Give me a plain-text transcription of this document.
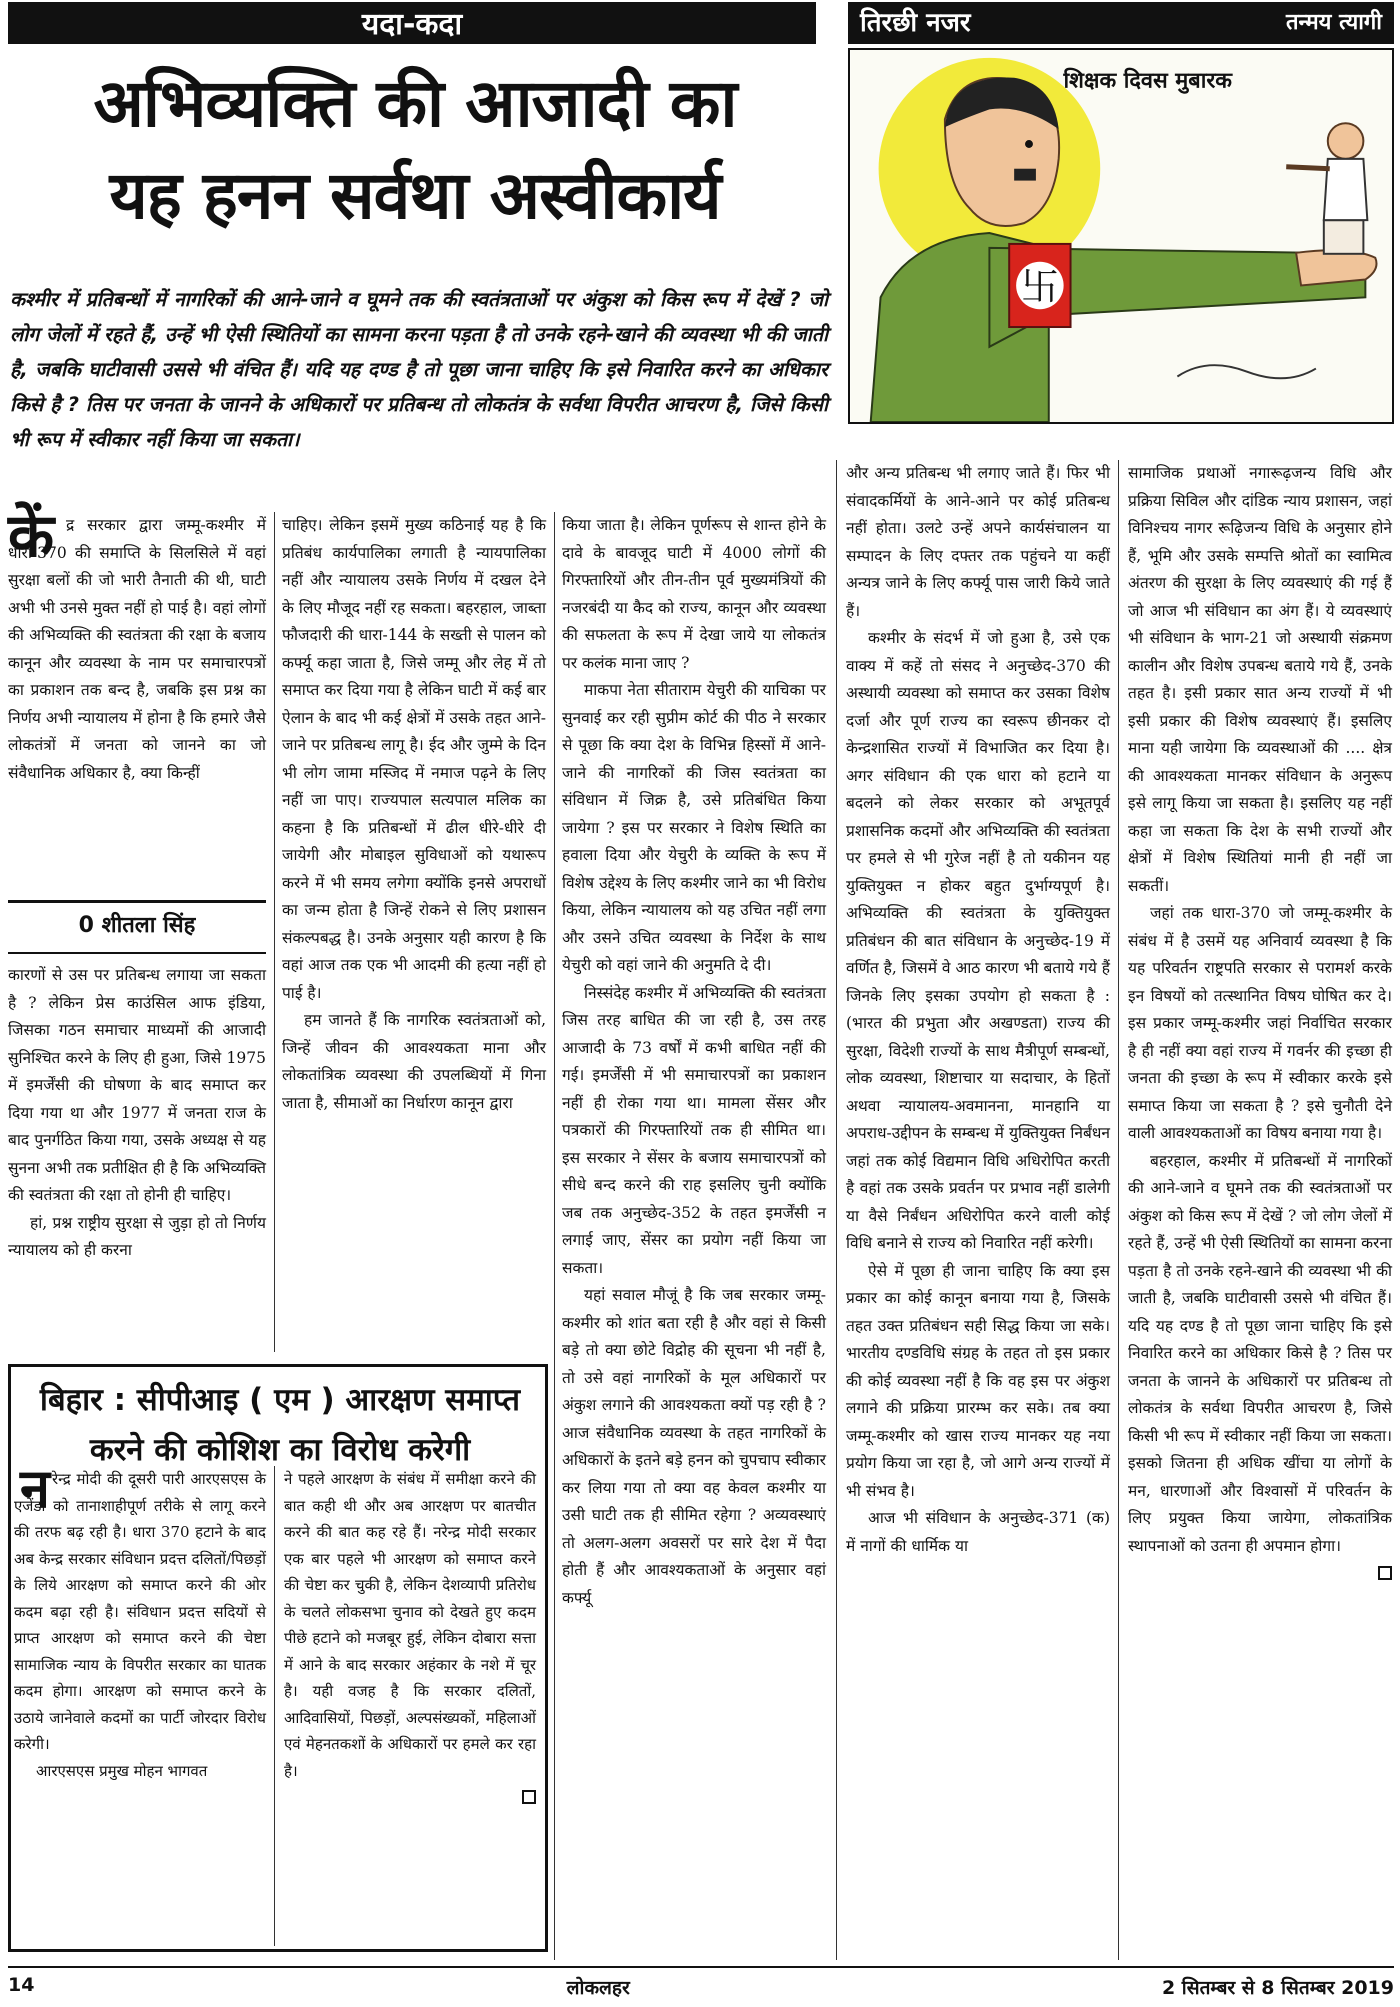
यदा-कदा	तिरछी नजर	तन्मय त्यागी
अभिव्यक्ति की आजादी का
यह हनन सर्वथा अस्वीकार्य
कश्मीर में प्रतिबन्धों में नागरिकों की आने-जाने व घूमने तक की स्वतंत्रताओं पर अंकुश को किस रूप में देखें ? जो लोग जेलों में रहते हैं, उन्हें भी ऐसी स्थितियों का सामना करना पड़ता है तो उनके रहने-खाने की व्यवस्था भी की जाती है, जबकि घाटीवासी उससे भी वंचित हैं। यदि यह दण्ड है तो पूछा जाना चाहिए कि इसे निवारित करने का अधिकार किसे है ? तिस पर जनता के जानने के अधिकारों पर प्रतिबन्ध तो लोकतंत्र के सर्वथा विपरीत आचरण है, जिसे किसी भी रूप में स्वीकार नहीं किया जा सकता।
卐
शिक्षक दिवस मुबारक
कें द्र सरकार द्वारा जम्मू-कश्मीर में धारा-370 की समाप्ति के सिलसिले में वहां सुरक्षा बलों की जो भारी तैनाती की थी, घाटी अभी भी उनसे मुक्त नहीं हो पाई है। वहां लोगों की अभिव्यक्ति की स्वतंत्रता की रक्षा के बजाय कानून और व्यवस्था के नाम पर समाचारपत्रों का प्रकाशन तक बन्द है, जबकि इस प्रश्न का निर्णय अभी न्यायालय में होना है कि हमारे जैसे लोकतंत्रों में जनता को जानने का जो संवैधानिक अधिकार है, क्या किन्हीं

0 शीतला सिंह

कारणों से उस पर प्रतिबन्ध लगाया जा सकता है ? लेकिन प्रेस काउंसिल आफ इंडिया, जिसका गठन समाचार माध्यमों की आजादी सुनिश्चित करने के लिए ही हुआ, जिसे 1975 में इमर्जेंसी की घोषणा के बाद समाप्त कर दिया गया था और 1977 में जनता राज के बाद पुनर्गठित किया गया, उसके अध्यक्ष से यह सुनना अभी तक प्रतीक्षित ही है कि अभिव्यक्ति की स्वतंत्रता की रक्षा तो होनी ही चाहिए।

हां, प्रश्न राष्ट्रीय सुरक्षा से जुड़ा हो तो निर्णय न्यायालय को ही करना

चाहिए। लेकिन इसमें मुख्य कठिनाई यह है कि प्रतिबंध कार्यपालिका लगाती है न्यायपालिका नहीं और न्यायालय उसके निर्णय में दखल देने के लिए मौजूद नहीं रह सकता। बहरहाल, जाब्ता फौजदारी की धारा-144 के सख्ती से पालन को कर्फ्यू कहा जाता है, जिसे जम्मू और लेह में तो समाप्त कर दिया गया है लेकिन घाटी में कई बार ऐलान के बाद भी कई क्षेत्रों में उसके तहत आने-जाने पर प्रतिबन्ध लागू है। ईद और जुम्मे के दिन भी लोग जामा मस्जिद में नमाज पढ़ने के लिए नहीं जा पाए। राज्यपाल सत्यपाल मलिक का कहना है कि प्रतिबन्धों में ढील धीरे-धीरे दी जायेगी और मोबाइल सुविधाओं को यथारूप करने में भी समय लगेगा क्योंकि इनसे अपराधों का जन्म होता है जिन्हें रोकने से लिए प्रशासन संकल्पबद्ध है। उनके अनुसार यही कारण है कि वहां आज तक एक भी आदमी की हत्या नहीं हो पाई है।

हम जानते हैं कि नागरिक स्वतंत्रताओं को, जिन्हें जीवन की आवश्यकता माना और लोकतांत्रिक व्यवस्था की उपलब्धियों में गिना जाता है, सीमाओं का निर्धारण कानून द्वारा

किया जाता है। लेकिन पूर्णरूप से शान्त होने के दावे के बावजूद घाटी में 4000 लोगों की गिरफ्तारियों और तीन-तीन पूर्व मुख्यमंत्रियों की नजरबंदी या कैद को राज्य, कानून और व्यवस्था की सफलता के रूप में देखा जाये या लोकतंत्र पर कलंक माना जाए ?

माकपा नेता सीताराम येचुरी की याचिका पर सुनवाई कर रही सुप्रीम कोर्ट की पीठ ने सरकार से पूछा कि क्या देश के विभिन्न हिस्सों में आने-जाने की नागरिकों की जिस स्वतंत्रता का संविधान में जिक्र है, उसे प्रतिबंधित किया जायेगा ? इस पर सरकार ने विशेष स्थिति का हवाला दिया और येचुरी के व्यक्ति के रूप में विशेष उद्देश्य के लिए कश्मीर जाने का भी विरोध किया, लेकिन न्यायालय को यह उचित नहीं लगा और उसने उचित व्यवस्था के निर्देश के साथ येचुरी को वहां जाने की अनुमति दे दी।

निस्संदेह कश्मीर में अभिव्यक्ति की स्वतंत्रता जिस तरह बाधित की जा रही है, उस तरह आजादी के 73 वर्षों में कभी बाधित नहीं की गई। इमर्जेंसी में भी समाचारपत्रों का प्रकाशन नहीं ही रोका गया था। मामला सेंसर और पत्रकारों की गिरफ्तारियों तक ही सीमित था। इस सरकार ने सेंसर के बजाय समाचारपत्रों को सीधे बन्द करने की राह इसलिए चुनी क्योंकि जब तक अनुच्छेद-352 के तहत इमर्जेंसी न लगाई जाए, सेंसर का प्रयोग नहीं किया जा सकता।

यहां सवाल मौजूं है कि जब सरकार जम्मू-कश्मीर को शांत बता रही है और वहां से किसी बड़े तो क्या छोटे विद्रोह की सूचना भी नहीं है, तो उसे वहां नागरिकों के मूल अधिकारों पर अंकुश लगाने की आवश्यकता क्यों पड़ रही है ? आज संवैधानिक व्यवस्था के तहत नागरिकों के अधिकारों के इतने बड़े हनन को चुपचाप स्वीकार कर लिया गया तो क्या वह केवल कश्मीर या उसी घाटी तक ही सीमित रहेगा ? अव्यवस्थाएं तो अलग-अलग अवसरों पर सारे देश में पैदा होती हैं और आवश्यकताओं के अनुसार वहां कर्फ्यू

और अन्य प्रतिबन्ध भी लगाए जाते हैं। फिर भी संवादकर्मियों के आने-आने पर कोई प्रतिबन्ध नहीं होता। उलटे उन्हें अपने कार्यसंचालन या सम्पादन के लिए दफ्तर तक पहुंचने या कहीं अन्यत्र जाने के लिए कर्फ्यू पास जारी किये जाते हैं।

कश्मीर के संदर्भ में जो हुआ है, उसे एक वाक्य में कहें तो संसद ने अनुच्छेद-370 की अस्थायी व्यवस्था को समाप्त कर उसका विशेष दर्जा और पूर्ण राज्य का स्वरूप छीनकर दो केन्द्रशासित राज्यों में विभाजित कर दिया है। अगर संविधान की एक धारा को हटाने या बदलने को लेकर सरकार को अभूतपूर्व प्रशासनिक कदमों और अभिव्यक्ति की स्वतंत्रता पर हमले से भी गुरेज नहीं है तो यकीनन यह युक्तियुक्त न होकर बहुत दुर्भाग्यपूर्ण है। अभिव्यक्ति की स्वतंत्रता के युक्तियुक्त प्रतिबंधन की बात संविधान के अनुच्छेद-19 में वर्णित है, जिसमें वे आठ कारण भी बताये गये हैं जिनके लिए इसका उपयोग हो सकता है : (भारत की प्रभुता और अखण्डता) राज्य की सुरक्षा, विदेशी राज्यों के साथ मैत्रीपूर्ण सम्बन्धों, लोक व्यवस्था, शिष्टाचार या सदाचार, के हितों अथवा न्यायालय-अवमानना, मानहानि या अपराध-उद्दीपन के सम्बन्ध में युक्तियुक्त निर्बंधन जहां तक कोई विद्यमान विधि अधिरोपित करती है वहां तक उसके प्रवर्तन पर प्रभाव नहीं डालेगी या वैसे निर्बंधन अधिरोपित करने वाली कोई विधि बनाने से राज्य को निवारित नहीं करेगी।

ऐसे में पूछा ही जाना चाहिए कि क्या इस प्रकार का कोई कानून बनाया गया है, जिसके तहत उक्त प्रतिबंधन सही सिद्ध किया जा सके। भारतीय दण्डविधि संग्रह के तहत तो इस प्रकार की कोई व्यवस्था नहीं है कि वह इस पर अंकुश लगाने की प्रक्रिया प्रारम्भ कर सके। तब क्या जम्मू-कश्मीर को खास राज्य मानकर यह नया प्रयोग किया जा रहा है, जो आगे अन्य राज्यों में भी संभव है।

आज भी संविधान के अनुच्छेद-371 (क) में नागों की धार्मिक या

सामाजिक प्रथाओं नगारूढ़जन्य विधि और प्रक्रिया सिविल और दांडिक न्याय प्रशासन, जहां विनिश्चय नागर रूढ़िजन्य विधि के अनुसार होने हैं, भूमि और उसके सम्पत्ति श्रोतों का स्वामित्व अंतरण की सुरक्षा के लिए व्यवस्थाएं की गई हैं जो आज भी संविधान का अंग हैं। ये व्यवस्थाएं भी संविधान के भाग-21 जो अस्थायी संक्रमण कालीन और विशेष उपबन्ध बताये गये हैं, उनके तहत है। इसी प्रकार सात अन्य राज्यों में भी इसी प्रकार की विशेष व्यवस्थाएं हैं। इसलिए माना यही जायेगा कि व्यवस्थाओं की .... क्षेत्र की आवश्यकता मानकर संविधान के अनुरूप इसे लागू किया जा सकता है। इसलिए यह नहीं कहा जा सकता कि देश के सभी राज्यों और क्षेत्रों में विशेष स्थितियां मानी ही नहीं जा सकतीं।

जहां तक धारा-370 जो जम्मू-कश्मीर के संबंध में है उसमें यह अनिवार्य व्यवस्था है कि यह परिवर्तन राष्ट्रपति सरकार से परामर्श करके इन विषयों को तत्स्थानित विषय घोषित कर दे। इस प्रकार जम्मू-कश्मीर जहां निर्वाचित सरकार है ही नहीं क्या वहां राज्य में गवर्नर की इच्छा ही जनता की इच्छा के रूप में स्वीकार करके इसे समाप्त किया जा सकता है ? इसे चुनौती देने वाली आवश्यकताओं का विषय बनाया गया है।

बहरहाल, कश्मीर में प्रतिबन्धों में नागरिकों की आने-जाने व घूमने तक की स्वतंत्रताओं पर अंकुश को किस रूप में देखें ? जो लोग जेलों में रहते हैं, उन्हें भी ऐसी स्थितियों का सामना करना पड़ता है तो उनके रहने-खाने की व्यवस्था भी की जाती है, जबकि घाटीवासी उससे भी वंचित हैं। यदि यह दण्ड है तो पूछा जाना चाहिए कि इसे निवारित करने का अधिकार किसे है ? तिस पर जनता के जानने के अधिकारों पर प्रतिबन्ध तो लोकतंत्र के सर्वथा विपरीत आचरण है, जिसे किसी भी रूप में स्वीकार नहीं किया जा सकता। इसको जितना ही अधिक खींचा या लोगों के मन, धारणाओं और विश्वासों में परिवर्तन के लिए प्रयुक्त किया जायेगा, लोकतांत्रिक स्थापनाओं को उतना ही अपमान होगा।

बिहार : सीपीआइ ( एम ) आरक्षण समाप्त
करने की कोशिश का विरोध करेगी
न रेन्द्र मोदी की दूसरी पारी आरएसएस के एजेंडा को तानाशाहीपूर्ण तरीके से लागू करने की तरफ बढ़ रही है। धारा 370 हटाने के बाद अब केन्द्र सरकार संविधान प्रदत्त दलितों/पिछड़ों के लिये आरक्षण को समाप्त करने की ओर कदम बढ़ा रही है। संविधान प्रदत्त सदियों से प्राप्त आरक्षण को समाप्त करने की चेष्टा सामाजिक न्याय के विपरीत सरकार का घातक कदम होगा। आरक्षण को समाप्त करने के उठाये जानेवाले कदमों का पार्टी जोरदार विरोध करेगी।

आरएसएस प्रमुख मोहन भागवत

ने पहले आरक्षण के संबंध में समीक्षा करने की बात कही थी और अब आरक्षण पर बातचीत करने की बात कह रहे हैं। नरेन्द्र मोदी सरकार एक बार पहले भी आरक्षण को समाप्त करने की चेष्टा कर चुकी है, लेकिन देशव्यापी प्रतिरोध के चलते लोकसभा चुनाव को देखते हुए कदम पीछे हटाने को मजबूर हुई, लेकिन दोबारा सत्ता में आने के बाद सरकार अहंकार के नशे में चूर है। यही वजह है कि सरकार दलितों, आदिवासियों, पिछड़ों, अल्पसंख्यकों, महिलाओं एवं मेहनतकशों के अधिकारों पर हमले कर रहा है।

14	लोकलहर	2 सितम्बर से 8 सितम्बर 2019
